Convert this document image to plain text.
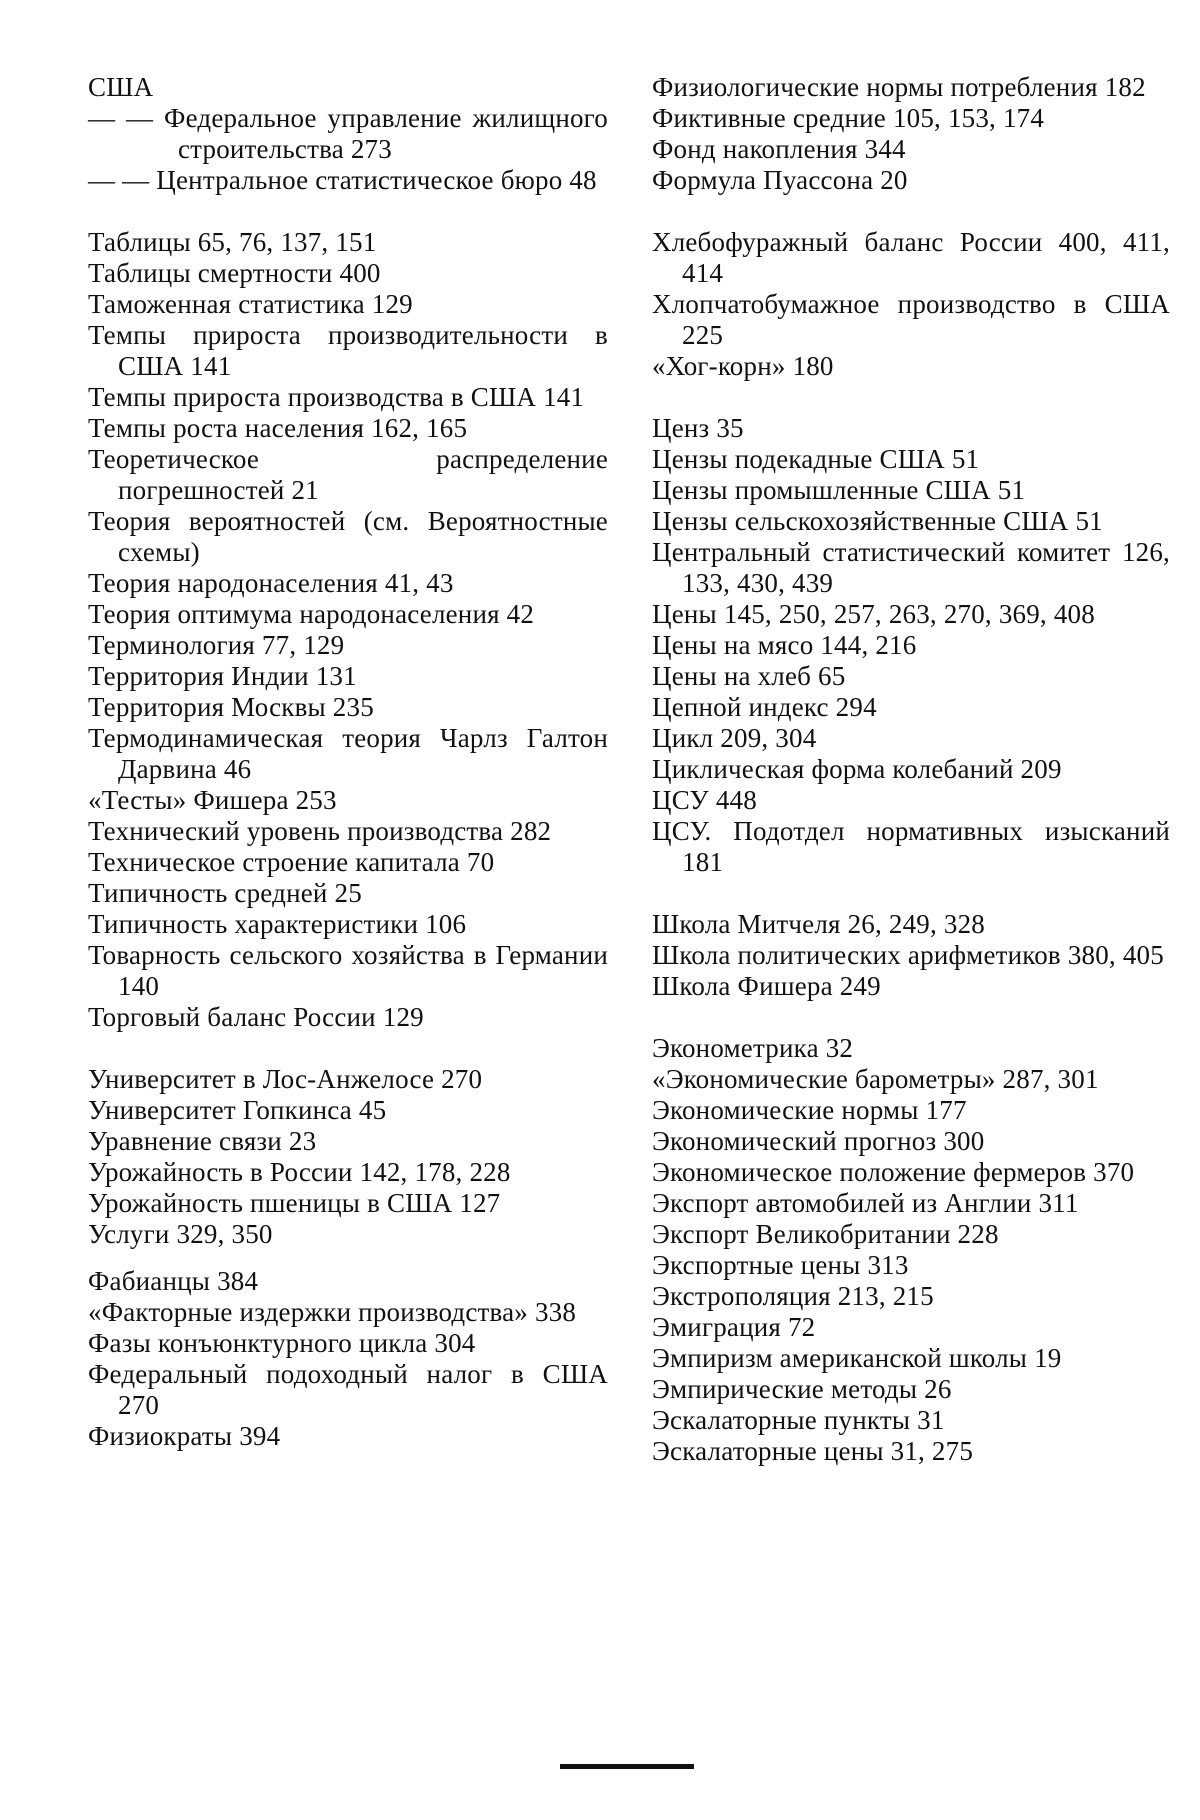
США
— — Федеральное управление жилищного строительства 273
— — Центральное статистическое бюро 48
Таблицы 65, 76, 137, 151
Таблицы смертности 400
Таможенная статистика 129
Темпы прироста производительности в США 141
Темпы прироста производства в США 141
Темпы роста населения 162, 165
Теоретическое распределение погрешностей 21
Теория вероятностей (см. Вероятностные схемы)
Теория народонаселения 41, 43
Теория оптимума народонаселения 42
Терминология 77, 129
Территория Индии 131
Территория Москвы 235
Термодинамическая теория Чарлз Галтон Дарвина 46
«Тесты» Фишера 253
Технический уровень производства 282
Техническое строение капитала 70
Типичность средней 25
Типичность характеристики 106
Товарность сельского хозяйства в Германии 140
Торговый баланс России 129
Университет в Лос-Анжелосе 270
Университет Гопкинса 45
Уравнение связи 23
Урожайность в России 142, 178, 228
Урожайность пшеницы в США 127
Услуги 329, 350
Фабианцы 384
«Факторные издержки производства» 338
Фазы конъюнктурного цикла 304
Федеральный подоходный налог в США 270
Физиократы 394
Физиологические нормы потребления 182
Фиктивные средние 105, 153, 174
Фонд накопления 344
Формула Пуассона 20
Хлебофуражный баланс России 400, 411, 414
Хлопчатобумажное производство в США 225
«Хог-корн» 180
Ценз 35
Цензы подекадные США 51
Цензы промышленные США 51
Цензы сельскохозяйственные США 51
Центральный статистический комитет 126, 133, 430, 439
Цены 145, 250, 257, 263, 270, 369, 408
Цены на мясо 144, 216
Цены на хлеб 65
Цепной индекс 294
Цикл 209, 304
Циклическая форма колебаний 209
ЦСУ 448
ЦСУ. Подотдел нормативных изысканий 181
Школа Митчеля 26, 249, 328
Школа политических арифметиков 380, 405
Школа Фишера 249
Эконометрика 32
«Экономические барометры» 287, 301
Экономические нормы 177
Экономический прогноз 300
Экономическое положение фермеров 370
Экспорт автомобилей из Англии 311
Экспорт Великобритании 228
Экспортные цены 313
Экстрополяция 213, 215
Эмиграция 72
Эмпиризм американской школы 19
Эмпирические методы 26
Эскалаторные пункты 31
Эскалаторные цены 31, 275
